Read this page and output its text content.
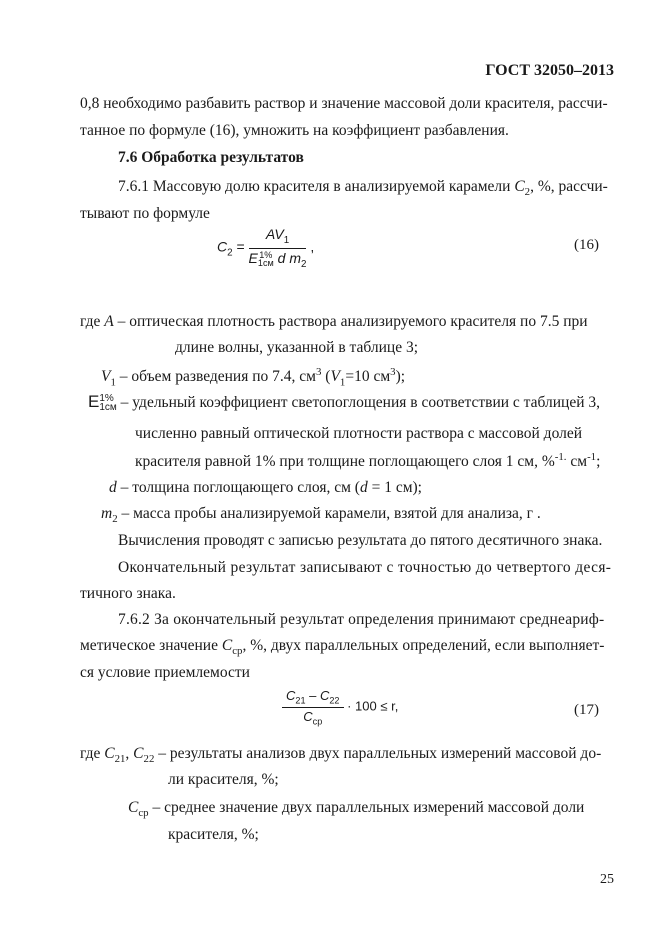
ГОСТ 32050–2013
0,8 необходимо разбавить раствор и значение массовой доли красителя, рассчи-
танное по формуле (16), умножить на коэффициент разбавления.
7.6 Обработка результатов
7.6.1 Массовую долю красителя в анализируемой карамели $C_2$, %, рассчи-
тывают по формуле
$C_2 = AV_1$
E 1%
1см d $m_2$ ,	(16)
где A – оптическая плотность раствора анализируемого красителя по 7.5 при
длине волны, указанной в таблице 3;
$V_1$ – объем разведения по 7.4, $см^3$ ($V_1=10$ $см^3$);
E 1%
1см – удельный коэффициент светопоглощения в соответствии с таблицей 3,
численно равный оптической плотности раствора с массовой долей
красителя равной 1% при толщине поглощающего слоя 1 см, %$^{-1.}$ $см^{-1}$;
d – толщина поглощающего слоя, см (d = 1 см);
$m_2$ – масса пробы анализируемой карамели, взятой для анализа, г .
Вычисления проводят с записью результата до пятого десятичного знака.
Окончательный результат записывают с точностью до четвертого деся-
тичного знака.
7.6.2 За окончательный результат определения принимают среднеариф-
метическое значение $C_{ср}$, %, двух параллельных определений, если выполняет-
ся условие приемлемости
$\frac{C_{21} - C_{22}}{C_{ср}} \cdot 100 \le r$,	(17)
где $C_{21}$, $C_{22}$ – результаты анализов двух параллельных измерений массовой до-
ли красителя, %;
$C_{ср}$ – среднее значение двух параллельных измерений массовой доли
красителя, %;
25
